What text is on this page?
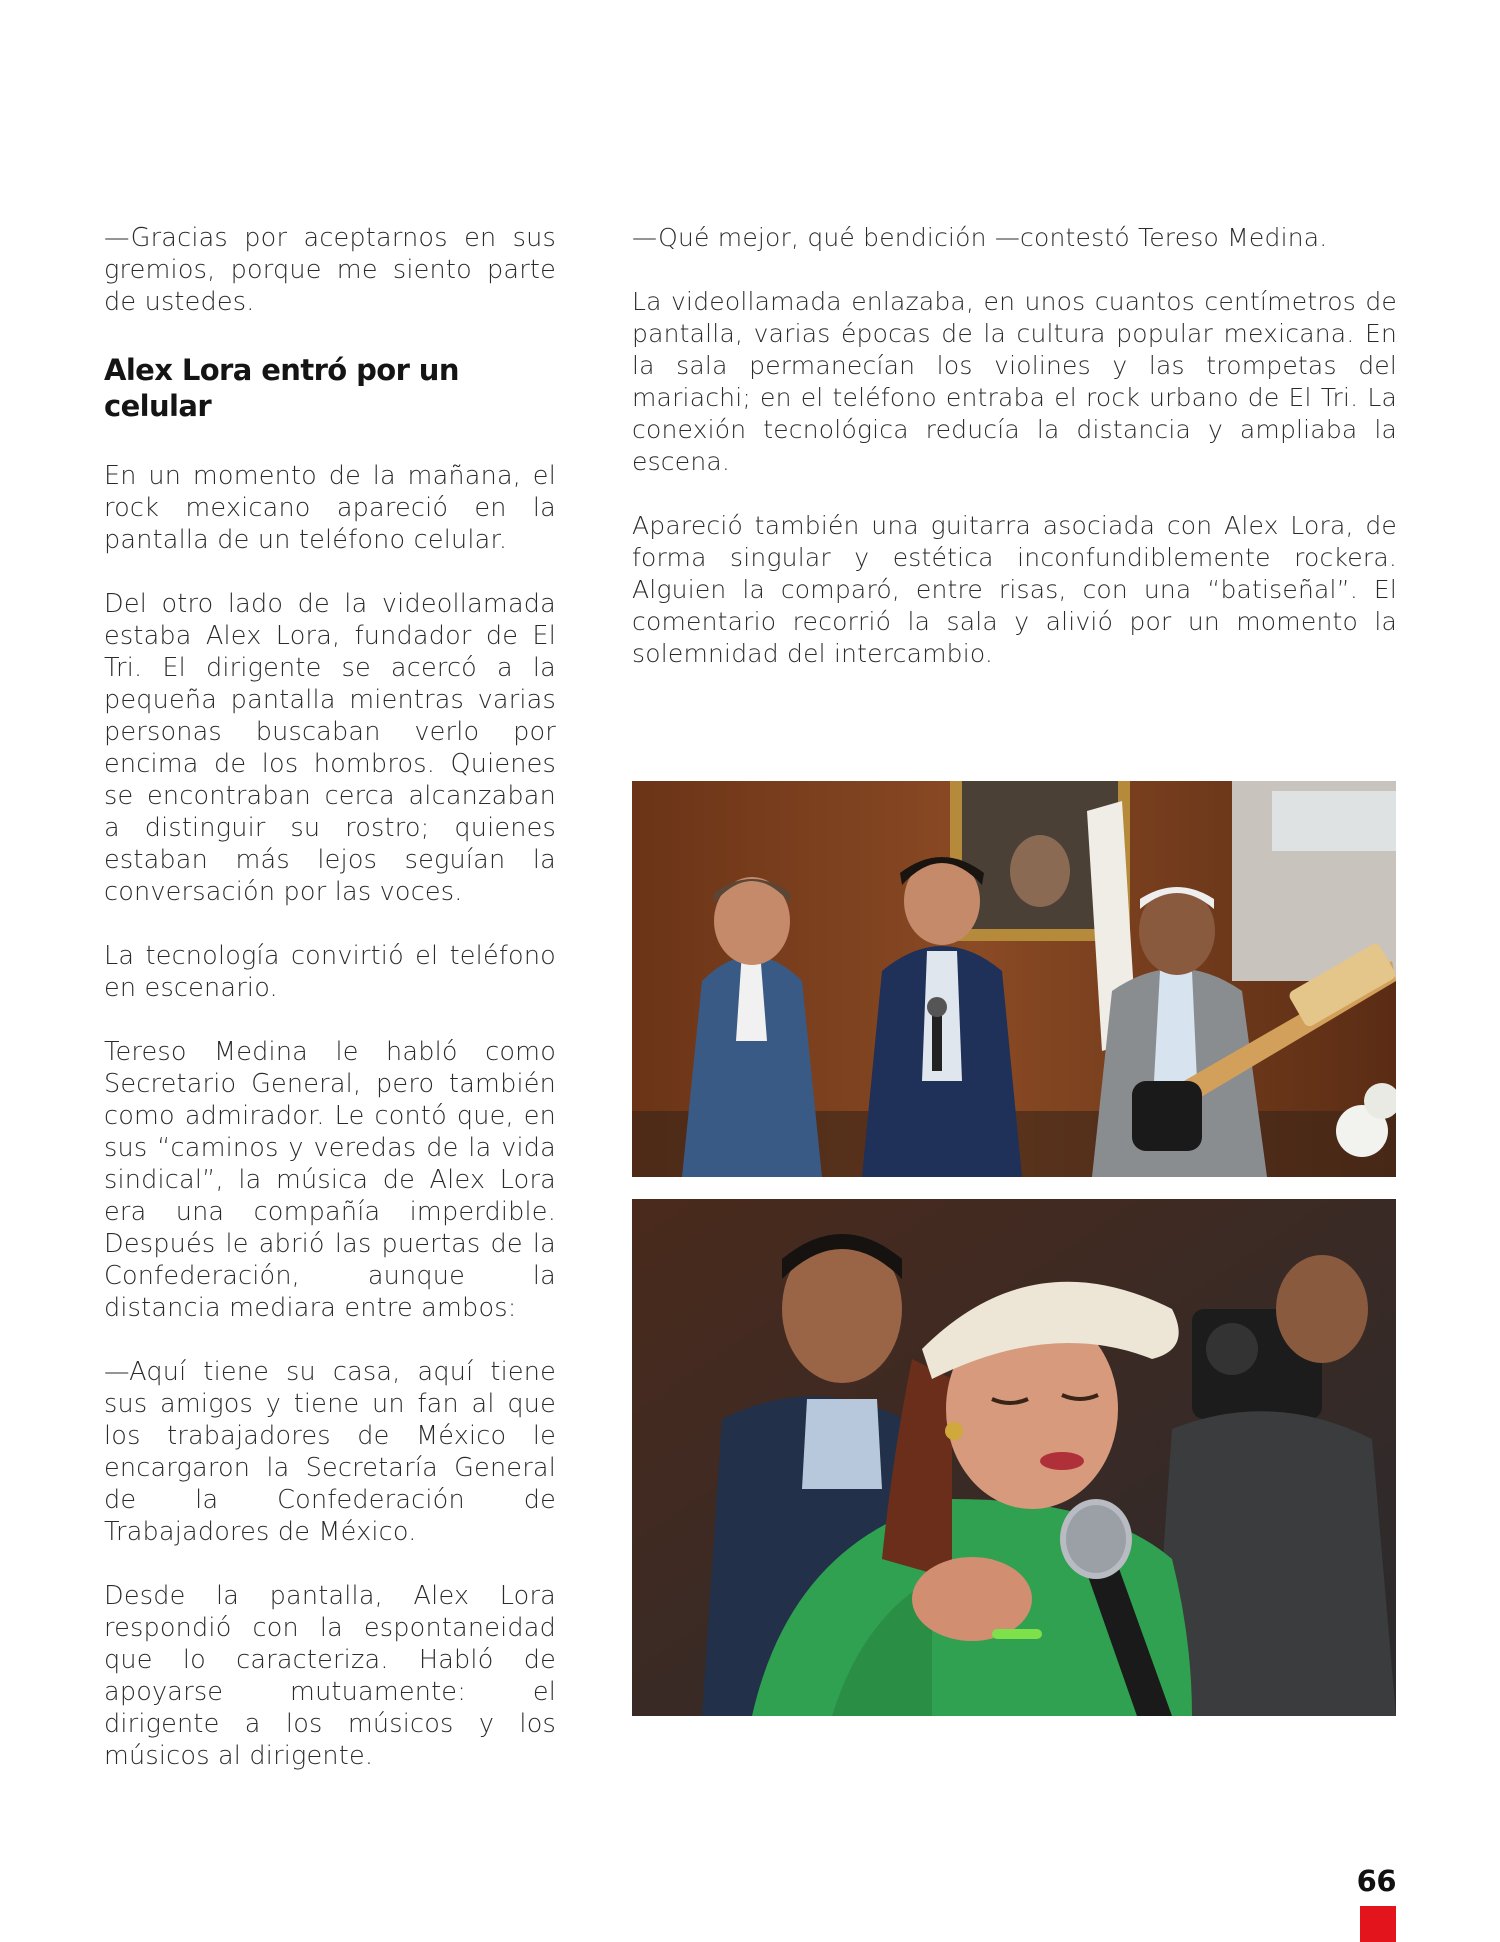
—Gracias por aceptarnos en sus gremios, porque me siento parte de ustedes.

Alex Lora entró por un celular

En un momento de la mañana, el rock mexicano apareció en la pantalla de un teléfono celular.

Del otro lado de la videollamada estaba Alex Lora, fundador de El Tri. El dirigente se acercó a la pequeña pantalla mientras varias personas buscaban verlo por encima de los hombros. Quienes se encontraban cerca alcanzaban a distinguir su rostro; quienes estaban más lejos seguían la conversación por las voces.

La tecnología convirtió el teléfono en escenario.

Tereso Medina le habló como Secretario General, pero también como admirador. Le contó que, en sus “caminos y veredas de la vida sindical”, la música de Alex Lora era una compañía imperdible. Después le abrió las puertas de la Confederación, aunque la distancia mediara entre ambos:

—Aquí tiene su casa, aquí tiene sus amigos y tiene un fan al que los trabajadores de México le encargaron la Secretaría General de la Confederación de Trabajadores de México.

Desde la pantalla, Alex Lora respondió con la espontaneidad que lo caracteriza. Habló de apoyarse mutuamente: el dirigente a los músicos y los músicos al dirigente.

—Qué mejor, qué bendición —contestó Tereso Medina.

La videollamada enlazaba, en unos cuantos centímetros de pantalla, varias épocas de la cultura popular mexicana. En la sala permanecían los violines y las trompetas del mariachi; en el teléfono entraba el rock urbano de El Tri. La conexión tecnológica reducía la distancia y ampliaba la escena.

Apareció también una guitarra asociada con Alex Lora, de forma singular y estética inconfundiblemente rockera. Alguien la comparó, entre risas, con una “batiseñal”. El comentario recorrió la sala y alivió por un momento la solemnidad del intercambio.

66
